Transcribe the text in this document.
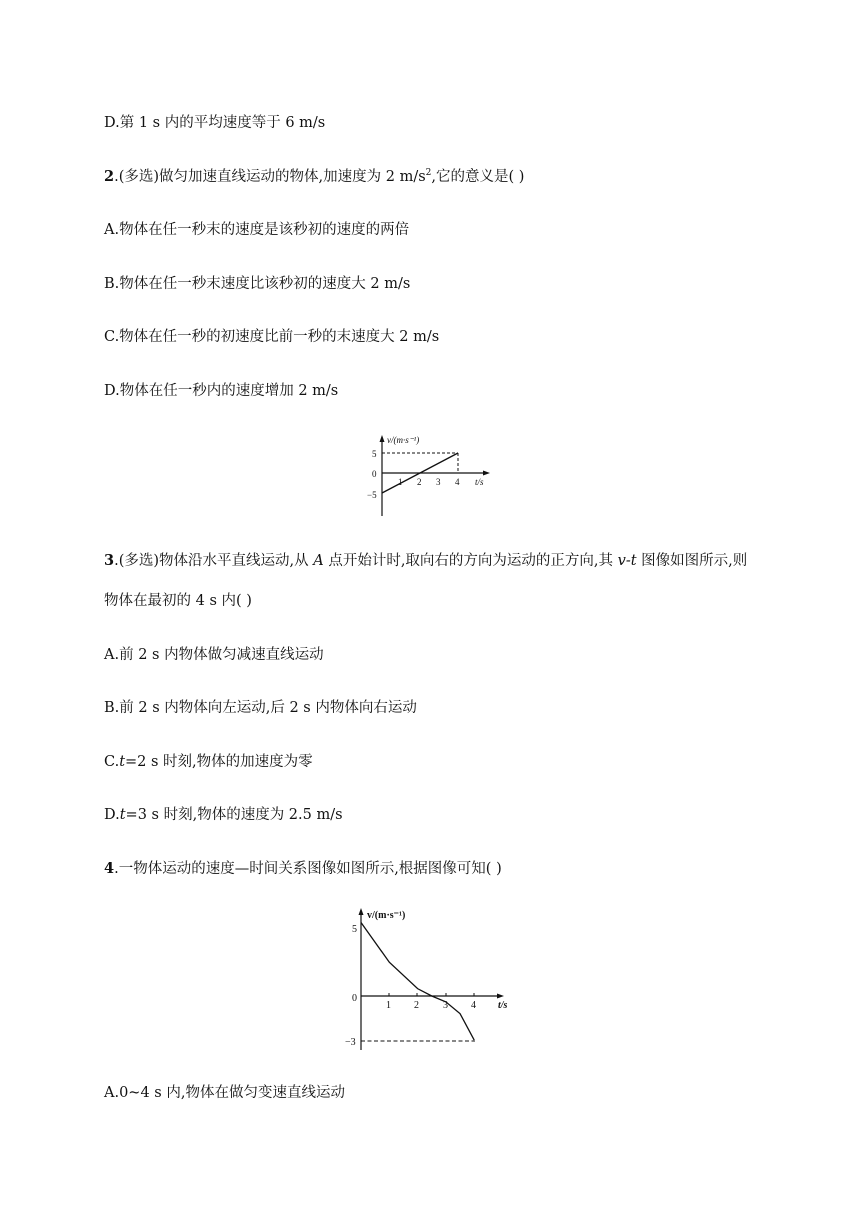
D.第 1 s 内的平均速度等于 6 m/s
2.(多选)做匀加速直线运动的物体,加速度为 2 $m/s^2$,它的意义是( )
A.物体在任一秒末的速度是该秒初的速度的两倍
B.物体在任一秒末速度比该秒初的速度大 2 m/s
C.物体在任一秒的初速度比前一秒的末速度大 2 m/s
D.物体在任一秒内的速度增加 2 m/s
v/(m·s⁻¹)
5
0
−5
1 2 3 4 t/s
3.(多选)物体沿水平直线运动,从 A 点开始计时,取向右的方向为运动的正方向,其 v-t 图像如图所示,则
物体在最初的 4 s 内( )
A.前 2 s 内物体做匀减速直线运动
B.前 2 s 内物体向左运动,后 2 s 内物体向右运动
C.t=2 s 时刻,物体的加速度为零
D.t=3 s 时刻,物体的速度为 2.5 m/s
4.一物体运动的速度—时间关系图像如图所示,根据图像可知( )
v/(m·s⁻¹)
5
0
−3
1 2 3 4 t/s
A.0~4 s 内,物体在做匀变速直线运动
